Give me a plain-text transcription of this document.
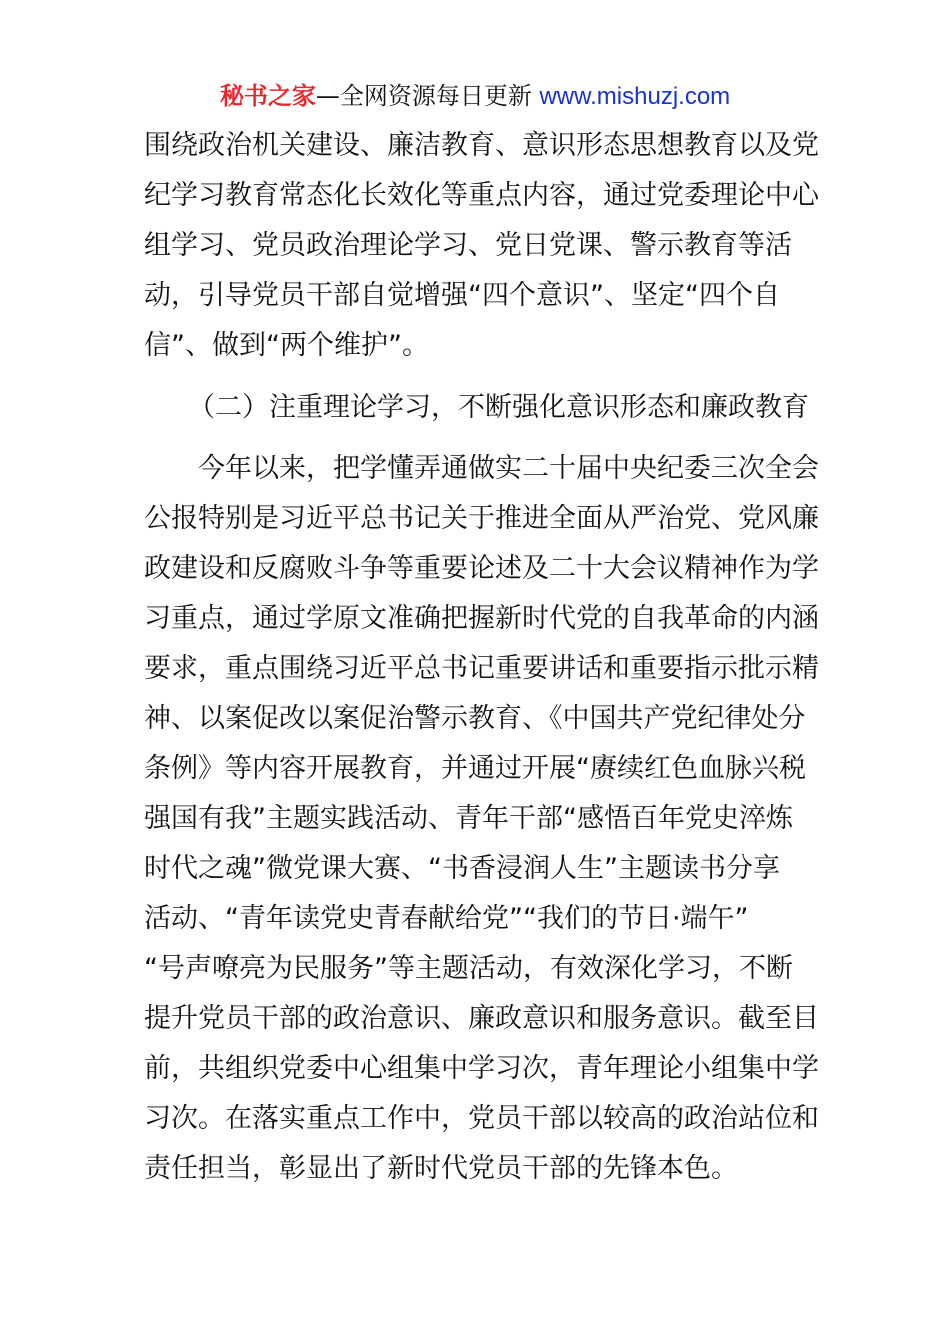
秘书之家—全网资源每日更新 www.mishuzj.com
围绕政治机关建设、廉洁教育、意识形态思想教育以及党
纪学习教育常态化长效化等重点内容，通过党委理论中心
组学习、党员政治理论学习、党日党课、警示教育等活
动，引导党员干部自觉增强“四个意识”、坚定“四个自
信”、做到“两个维护”。
（二）注重理论学习，不断强化意识形态和廉政教育
今年以来，把学懂弄通做实二十届中央纪委三次全会
公报特别是习近平总书记关于推进全面从严治党、党风廉
政建设和反腐败斗争等重要论述及二十大会议精神作为学
习重点，通过学原文准确把握新时代党的自我革命的内涵
要求，重点围绕习近平总书记重要讲话和重要指示批示精
神、以案促改以案促治警示教育、《中国共产党纪律处分
条例》等内容开展教育，并通过开展“赓续红色血脉兴税
强国有我”主题实践活动、青年干部“感悟百年党史淬炼
时代之魂”微党课大赛、“书香浸润人生”主题读书分享
活动、“青年读党史青春献给党”“我们的节日·端午”
“号声嘹亮为民服务”等主题活动，有效深化学习，不断
提升党员干部的政治意识、廉政意识和服务意识。截至目
前，共组织党委中心组集中学习次，青年理论小组集中学
习次。在落实重点工作中，党员干部以较高的政治站位和
责任担当，彰显出了新时代党员干部的先锋本色。
